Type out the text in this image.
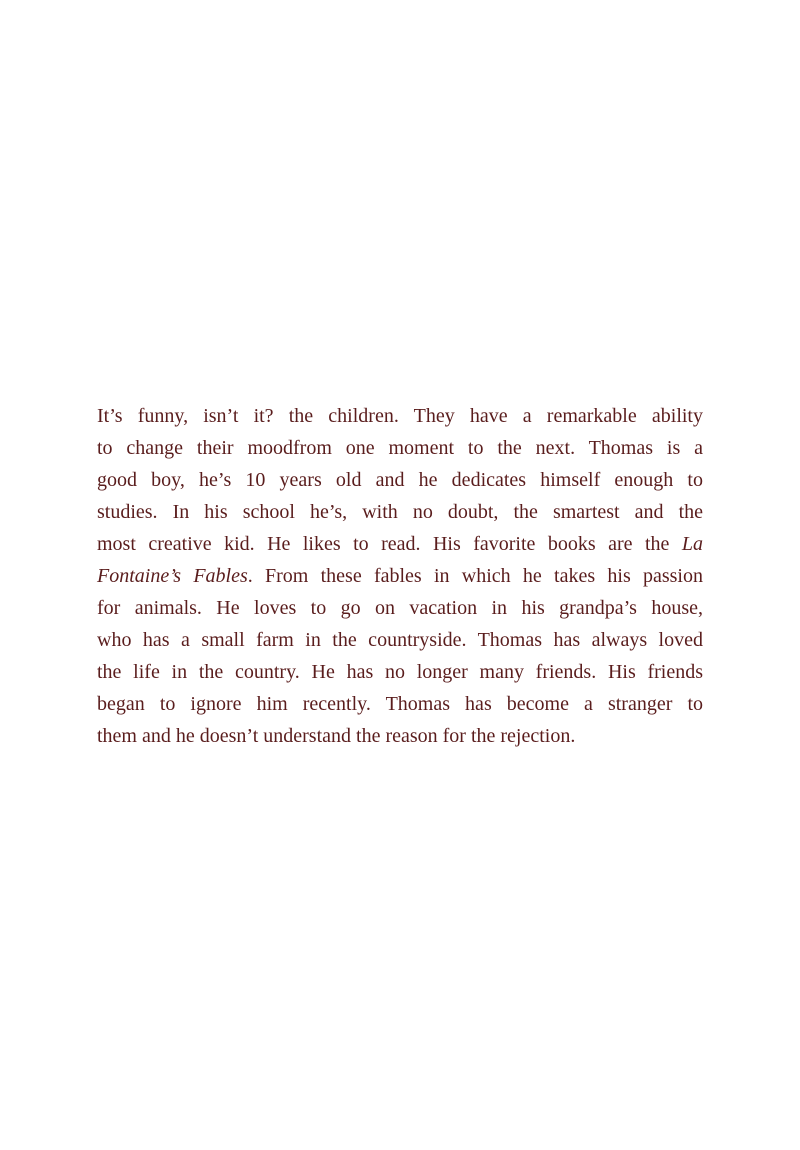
It’s funny, isn’t it? the children. They have a remarkable ability
to change their moodfrom one moment to the next. Thomas is a
good boy, he’s 10 years old and he dedicates himself enough to
studies. In his school he’s, with no doubt, the smartest and the
most creative kid. He likes to read. His favorite books are the La
Fontaine’s Fables. From these fables in which he takes his passion
for animals. He loves to go on vacation in his grandpa’s house,
who has a small farm in the countryside. Thomas has always loved
the life in the country. He has no longer many friends. His friends
began to ignore him recently. Thomas has become a stranger to
them and he doesn’t understand the reason for the rejection.
